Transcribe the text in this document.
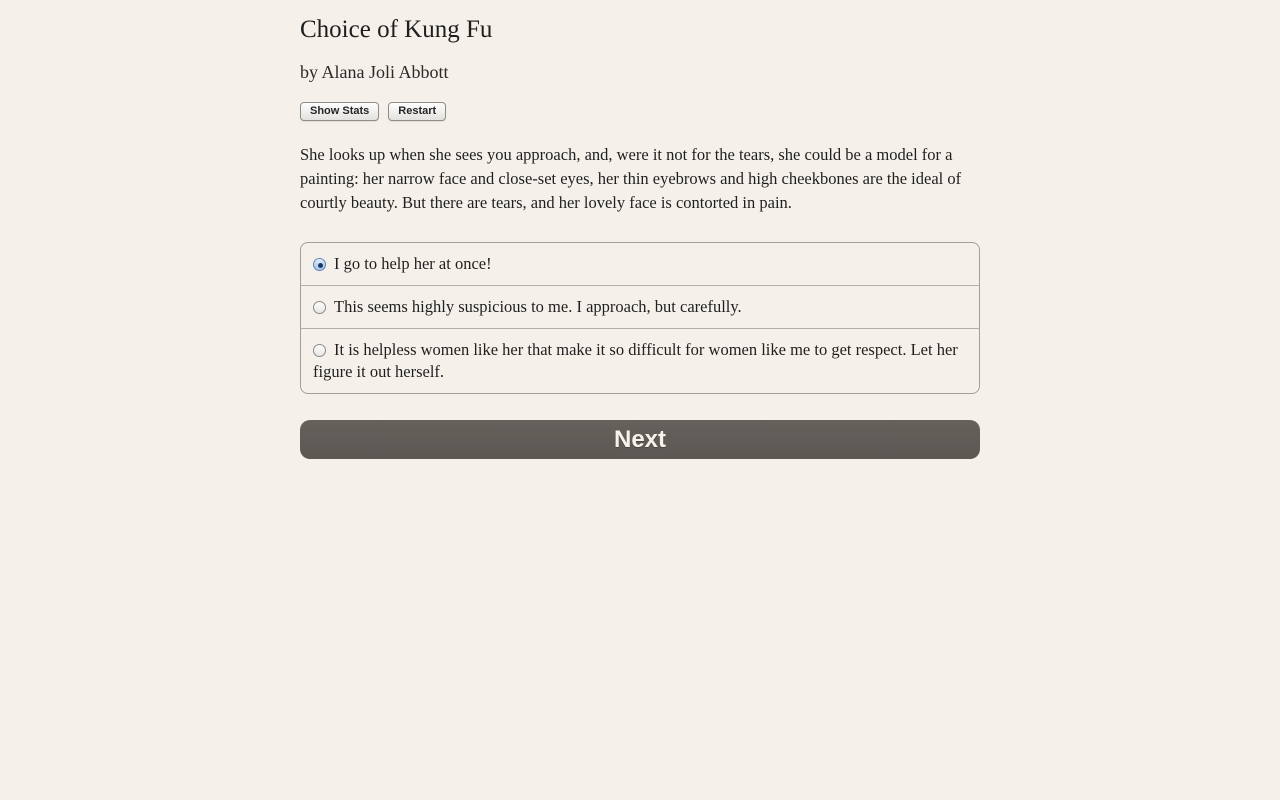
Choice of Kung Fu
by Alana Joli Abbott
Show Stats	Restart

She looks up when she sees you approach, and, were it not for the tears, she could be a model for a painting: her narrow face and close-set eyes, her thin eyebrows and high cheekbones are the ideal of courtly beauty. But there are tears, and her lovely face is contorted in pain.

I go to help her at once!
This seems highly suspicious to me. I approach, but carefully.
It is helpless women like her that make it so difficult for women like me to get respect. Let her figure it out herself.
Next
